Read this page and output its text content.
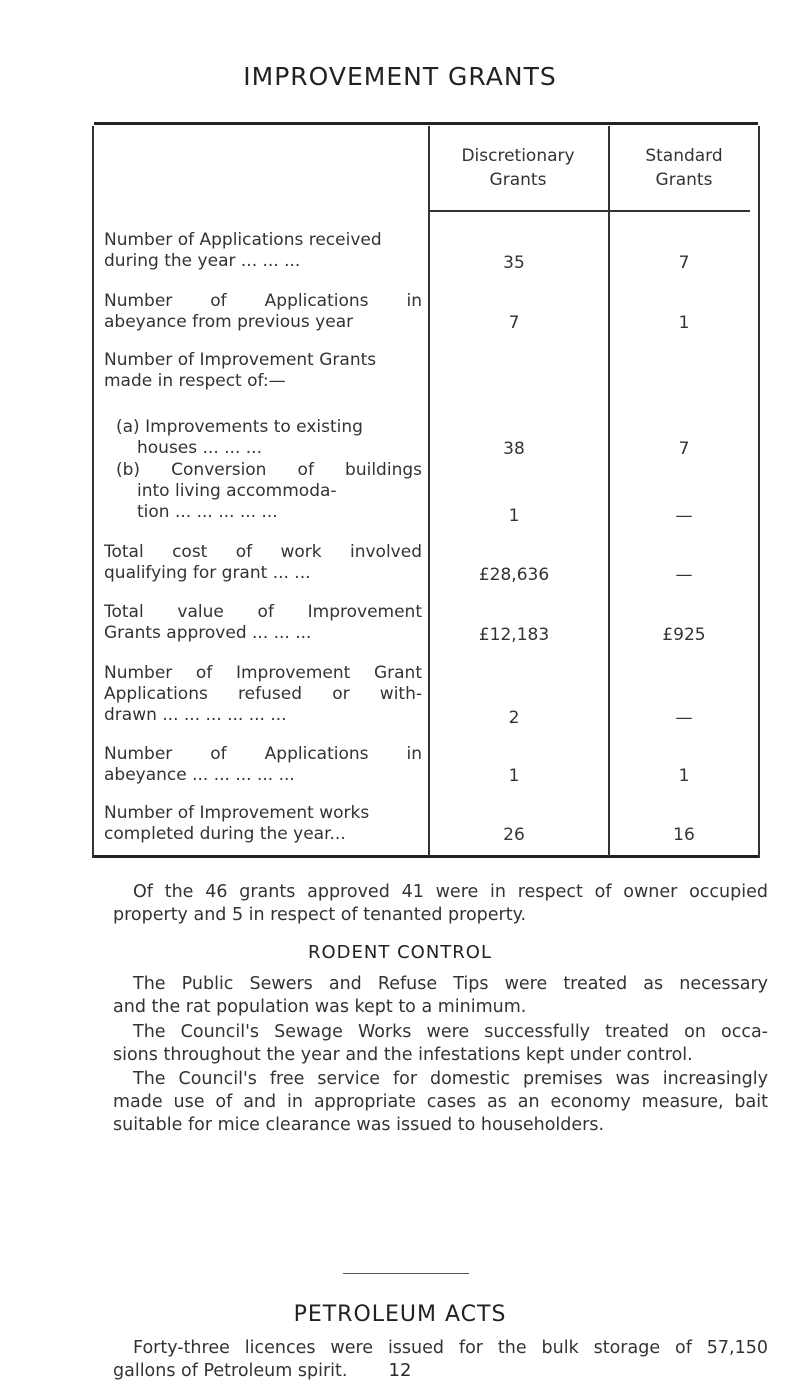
IMPROVEMENT GRANTS
Discretionary
Grants
Standard
Grants
Number of Applications received
during the year ... ... ...	35	7
Number of Applications in
abeyance from previous year	7	1
Number of Improvement Grants
made in respect of:—
(a) Improvements to existing
houses ... ... ...	38	7
(b) Conversion of buildings
into living accommoda-
tion ... ... ... ... ...	1	—
Total cost of work involved
qualifying for grant ... ...	£28,636	—
Total value of Improvement
Grants approved ... ... ...	£12,183	£925
Number of Improvement Grant
Applications refused or with-
drawn ... ... ... ... ... ...	2	—
Number of Applications in
abeyance ... ... ... ... ...	1	1
Number of Improvement works
completed during the year...	26	16
Of the 46 grants approved 41 were in respect of owner occupied
property and 5 in respect of tenanted property.
RODENT CONTROL
The Public Sewers and Refuse Tips were treated as necessary
and the rat population was kept to a minimum.
The Council's Sewage Works were successfully treated on occa-
sions throughout the year and the infestations kept under control.
The Council's free service for domestic premises was increasingly
made use of and in appropriate cases as an economy measure, bait
suitable for mice clearance was issued to householders.
PETROLEUM ACTS
Forty-three licences were issued for the bulk storage of 57,150
gallons of Petroleum spirit.	12
